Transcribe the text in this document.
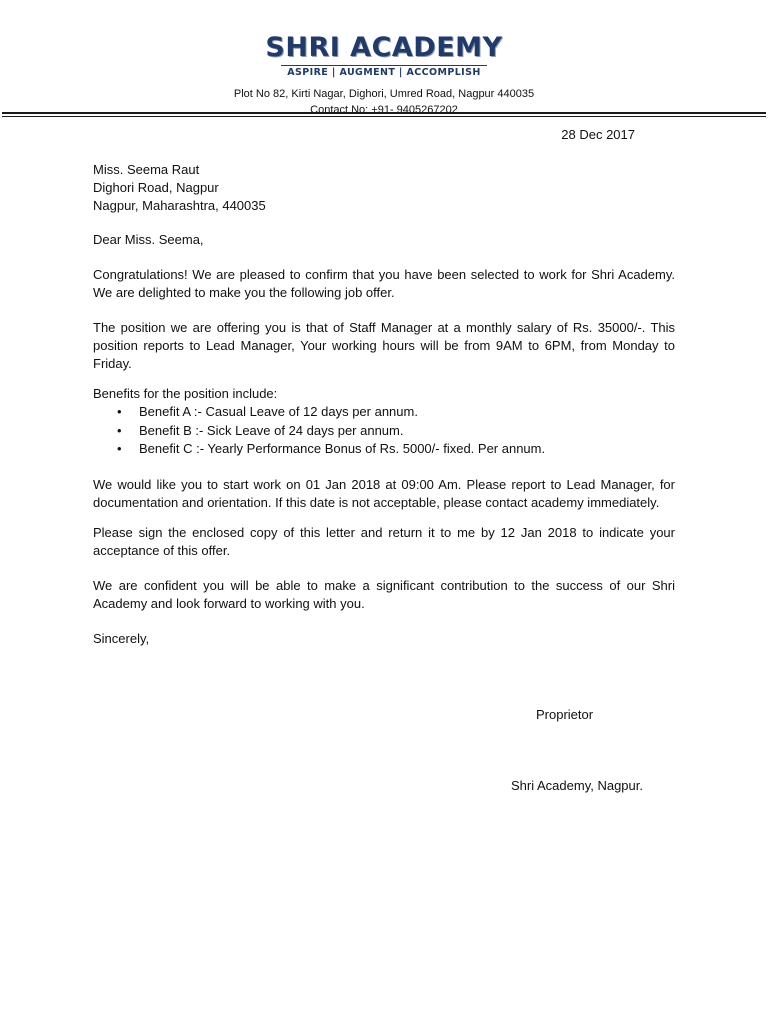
SHRI ACADEMY
ASPIRE | AUGMENT | ACCOMPLISH
Plot No 82, Kirti Nagar, Dighori, Umred Road, Nagpur 440035
Contact No: +91- 9405267202
28 Dec 2017
Miss. Seema Raut
Dighori Road, Nagpur
Nagpur, Maharashtra, 440035

Dear Miss. Seema,

Congratulations! We are pleased to confirm that you have been selected to work for Shri Academy. We are delighted to make you the following job offer.

The position we are offering you is that of Staff Manager at a monthly salary of Rs. 35000/-. This position reports to Lead Manager, Your working hours will be from 9AM to 6PM, from Monday to Friday.

Benefits for the position include:

• Benefit A :- Casual Leave of 12 days per annum.
• Benefit B :- Sick Leave of 24 days per annum.
• Benefit C :- Yearly Performance Bonus of Rs. 5000/- fixed. Per annum.

We would like you to start work on 01 Jan 2018 at 09:00 Am. Please report to Lead Manager, for documentation and orientation. If this date is not acceptable, please contact academy immediately.

Please sign the enclosed copy of this letter and return it to me by 12 Jan 2018 to indicate your acceptance of this offer.

We are confident you will be able to make a significant contribution to the success of our Shri Academy and look forward to working with you.

Sincerely,

Proprietor
Shri Academy, Nagpur.
